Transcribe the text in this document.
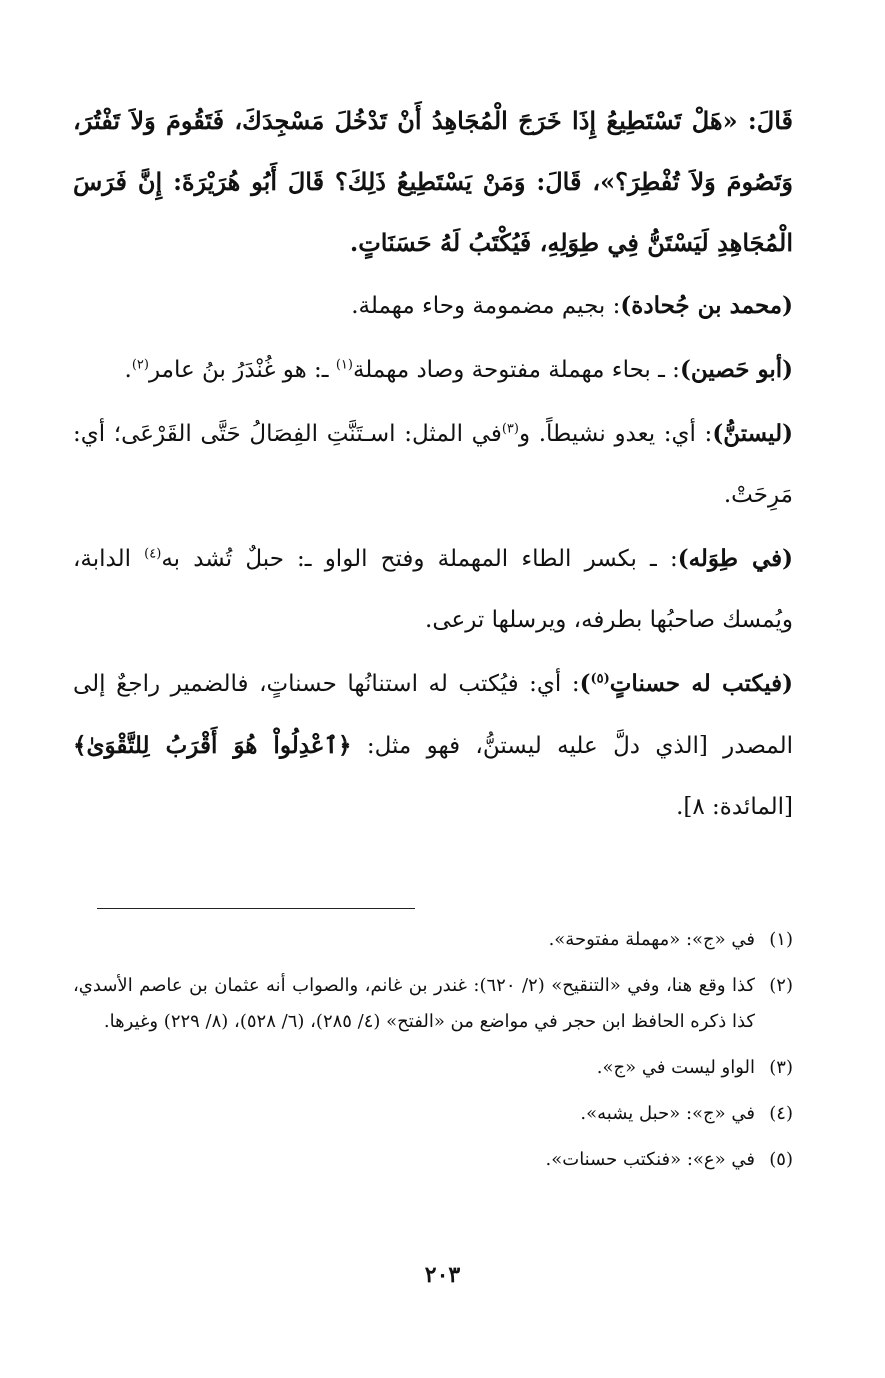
قَالَ: «هَلْ تَسْتَطِيعُ إِذَا خَرَجَ الْمُجَاهِدُ أَنْ تَدْخُلَ مَسْجِدَكَ، فَتَقُومَ وَلاَ تَفْتُرَ، وَتَصُومَ وَلاَ تُفْطِرَ؟»، قَالَ: وَمَنْ يَسْتَطِيعُ ذَلِكَ؟ قَالَ أَبُو هُرَيْرَةَ: إِنَّ فَرَسَ الْمُجَاهِدِ لَيَسْتَنُّ فِي طِوَلِهِ، فَيُكْتَبُ لَهُ حَسَنَاتٍ.

(محمد بن جُحادة): بجيم مضمومة وحاء مهملة.

(أبو حَصين): ـ بحاء مهملة مفتوحة وصاد مهملة$^{(١)}$ ـ: هو غُنْدَرُ بنُ عامر$^{(٢)}$.

(ليستنُّ): أي: يعدو نشيطاً. و$^{(٣)}$في المثل: اسـتَنَّتِ الفِصَالُ حَتَّى القَرْعَى؛ أي: مَرِحَتْ.

(في طِوَله): ـ بكسر الطاء المهملة وفتح الواو ـ: حبلٌ تُشد به$^{(٤)}$ الدابة، ويُمسك صاحبُها بطرفه، ويرسلها ترعى.

(فيكتب له حسناتٍ$^{(٥)}$): أي: فيُكتب له استنانُها حسناتٍ، فالضمير راجعٌ إلى المصدر [الذي دلَّ عليه ليستنُّ، فهو مثل: ﴿ٱعْدِلُواْ هُوَ أَقْرَبُ لِلتَّقْوَىٰ﴾[المائدة: ٨].

(١)
في «ج»: «مهملة مفتوحة».
(٢)
كذا وقع هنا، وفي «التنقيح» (٢/ ٦٢٠): غندر بن غانم، والصواب أنه عثمان بن عاصم الأسدي، كذا ذكره الحافظ ابن حجر في مواضع من «الفتح» (٤/ ٢٨٥)، (٦/ ٥٢٨)، (٨/ ٢٢٩) وغيرها.
(٣)
الواو ليست في «ج».
(٤)
في «ج»: «حبل يشبه».
(٥)
في «ع»: «فنكتب حسنات».
٢٠٣
